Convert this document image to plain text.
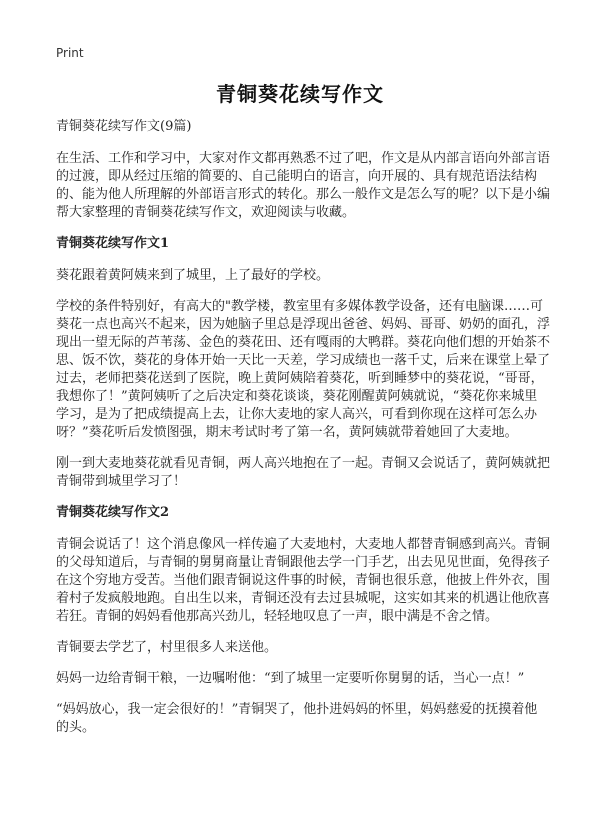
Print
青铜葵花续写作文

青铜葵花续写作文(9篇)

在生活、工作和学习中，大家对作文都再熟悉不过了吧，作文是从内部言语向外部言语的过渡，即从经过压缩的简要的、自己能明白的语言，向开展的、具有规范语法结构的、能为他人所理解的外部语言形式的转化。那么一般作文是怎么写的呢？以下是小编帮大家整理的青铜葵花续写作文，欢迎阅读与收藏。

青铜葵花续写作文1

葵花跟着黄阿姨来到了城里，上了最好的学校。

学校的条件特别好，有高大的"教学楼，教室里有多媒体教学设备，还有电脑课……可葵花一点也高兴不起来，因为她脑子里总是浮现出爸爸、妈妈、哥哥、奶奶的面孔，浮现出一望无际的芦苇荡、金色的葵花田、还有嘎雨的大鸭群。葵花向他们想的开始茶不思、饭不饮，葵花的身体开始一天比一天差，学习成绩也一落千丈，后来在课堂上晕了过去，老师把葵花送到了医院，晚上黄阿姨陪着葵花，听到睡梦中的葵花说，“哥哥，我想你了！”黄阿姨听了之后决定和葵花谈谈，葵花刚醒黄阿姨就说，“葵花你来城里学习，是为了把成绩提高上去，让你大麦地的家人高兴，可看到你现在这样可怎么办呀？”葵花听后发愤图强，期末考试时考了第一名，黄阿姨就带着她回了大麦地。

刚一到大麦地葵花就看见青铜，两人高兴地抱在了一起。青铜又会说话了，黄阿姨就把青铜带到城里学习了！

青铜葵花续写作文2

青铜会说话了！这个消息像风一样传遍了大麦地村，大麦地人都替青铜感到高兴。青铜的父母知道后，与青铜的舅舅商量让青铜跟他去学一门手艺，出去见见世面，免得孩子在这个穷地方受苦。当他们跟青铜说这件事的时候，青铜也很乐意，他披上件外衣，围着村子发疯般地跑。自出生以来，青铜还没有去过县城呢，这实如其来的机遇让他欣喜若狂。青铜的妈妈看他那高兴劲儿，轻轻地叹息了一声，眼中满是不舍之情。

青铜要去学艺了，村里很多人来送他。

妈妈一边给青铜干粮，一边嘱咐他：“到了城里一定要听你舅舅的话，当心一点！”

“妈妈放心，我一定会很好的！”青铜哭了，他扑进妈妈的怀里，妈妈慈爱的抚摸着他的头。
